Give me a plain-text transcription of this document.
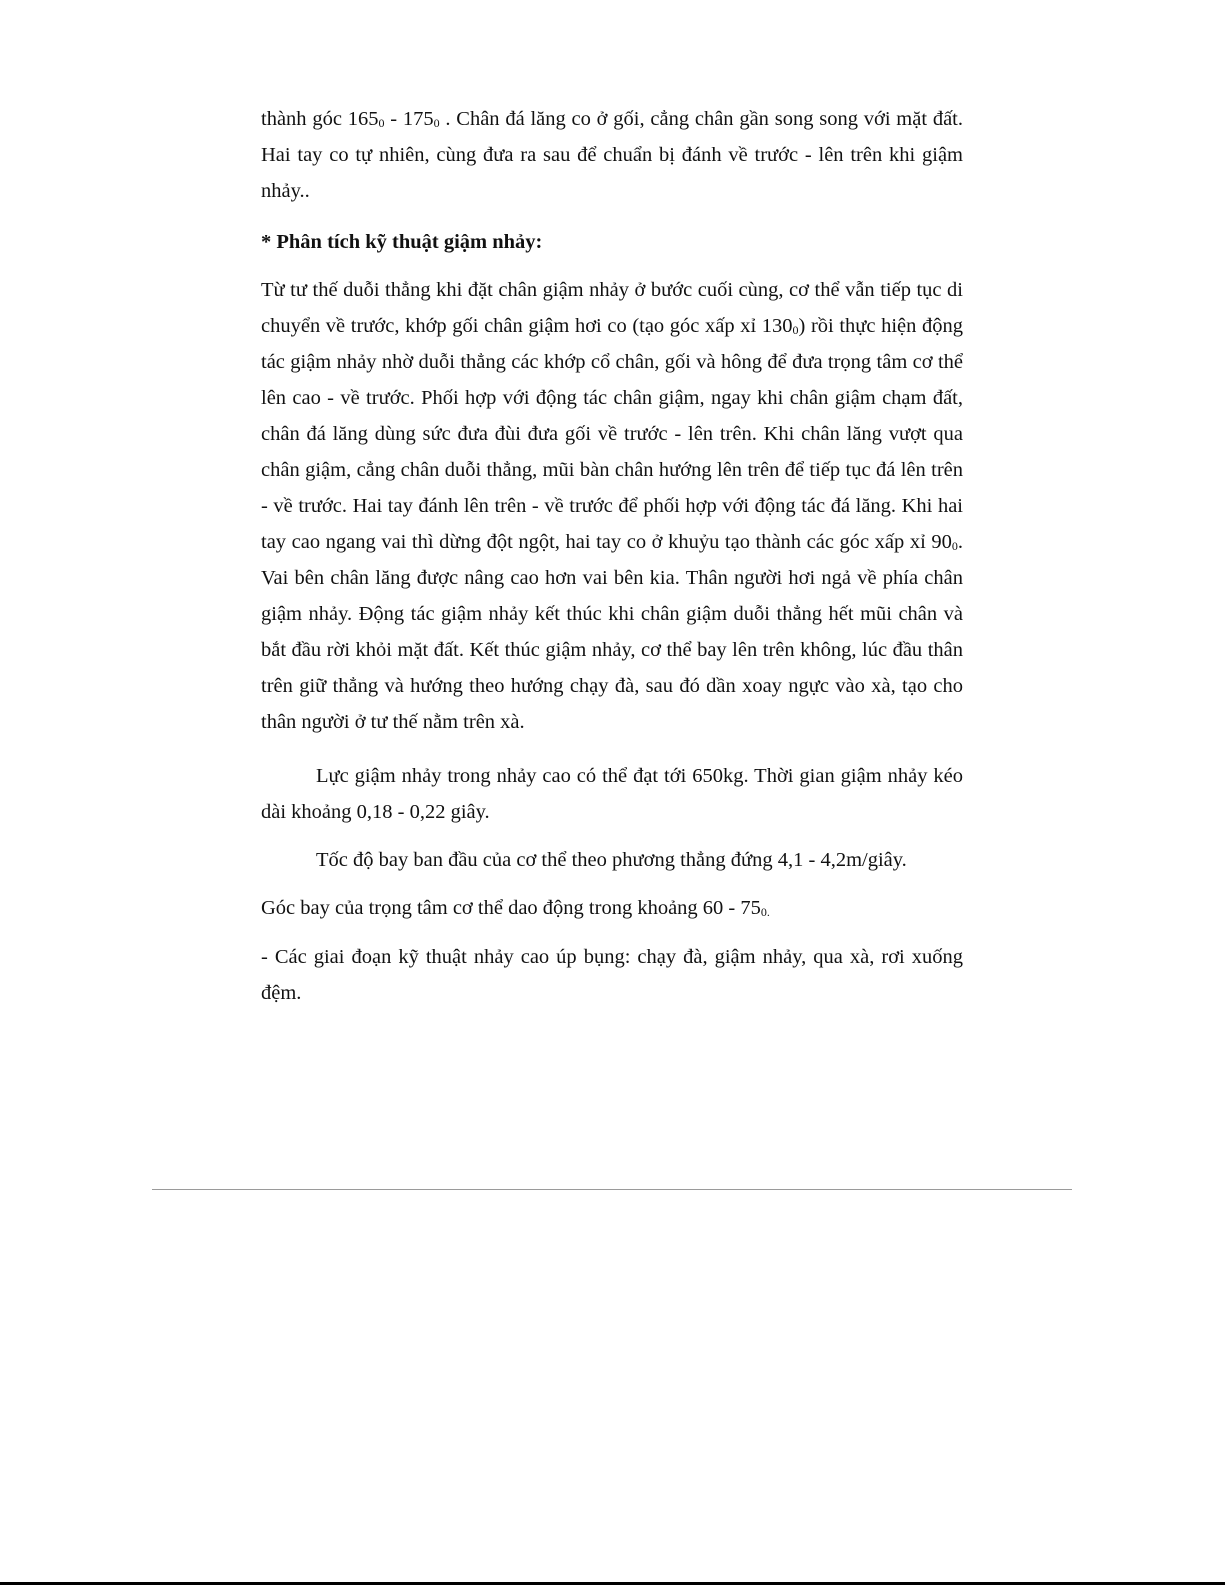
thành góc 1650 - 1750 . Chân đá lăng co ở gối, cẳng chân gần song song với mặt đất. Hai tay co tự nhiên, cùng đưa ra sau để chuẩn bị đánh về trước - lên trên khi giậm nhảy..

* Phân tích kỹ thuật giậm nhảy:

Từ tư thế duỗi thẳng khi đặt chân giậm nhảy ở bước cuối cùng, cơ thể vẫn tiếp tục di chuyển về trước, khớp gối chân giậm hơi co (tạo góc xấp xỉ 1300) rồi thực hiện động tác giậm nhảy nhờ duỗi thẳng các khớp cổ chân, gối và hông để đưa trọng tâm cơ thể lên cao - về trước. Phối hợp với động tác chân giậm, ngay khi chân giậm chạm đất, chân đá lăng dùng sức đưa đùi đưa gối về trước - lên trên. Khi chân lăng vượt qua chân giậm, cẳng chân duỗi thẳng, mũi bàn chân hướng lên trên để tiếp tục đá lên trên - về trước. Hai tay đánh lên trên - về trước để phối hợp với động tác đá lăng. Khi hai tay cao ngang vai thì dừng đột ngột, hai tay co ở khuỷu tạo thành các góc xấp xỉ 900. Vai bên chân lăng được nâng cao hơn vai bên kia. Thân người hơi ngả về phía chân giậm nhảy. Động tác giậm nhảy kết thúc khi chân giậm duỗi thẳng hết mũi chân và bắt đầu rời khỏi mặt đất. Kết thúc giậm nhảy, cơ thể bay lên trên không, lúc đầu thân trên giữ thẳng và hướng theo hướng chạy đà, sau đó dần xoay ngực vào xà, tạo cho thân người ở tư thế nằm trên xà.

Lực giậm nhảy trong nhảy cao có thể đạt tới 650kg. Thời gian giậm nhảy kéo dài khoảng 0,18 - 0,22 giây.

Tốc độ bay ban đầu của cơ thể theo phương thẳng đứng 4,1 - 4,2m/giây.

Góc bay của trọng tâm cơ thể dao động trong khoảng 60 - 750.

- Các giai đoạn kỹ thuật nhảy cao úp bụng: chạy đà, giậm nhảy, qua xà, rơi xuống đệm.
